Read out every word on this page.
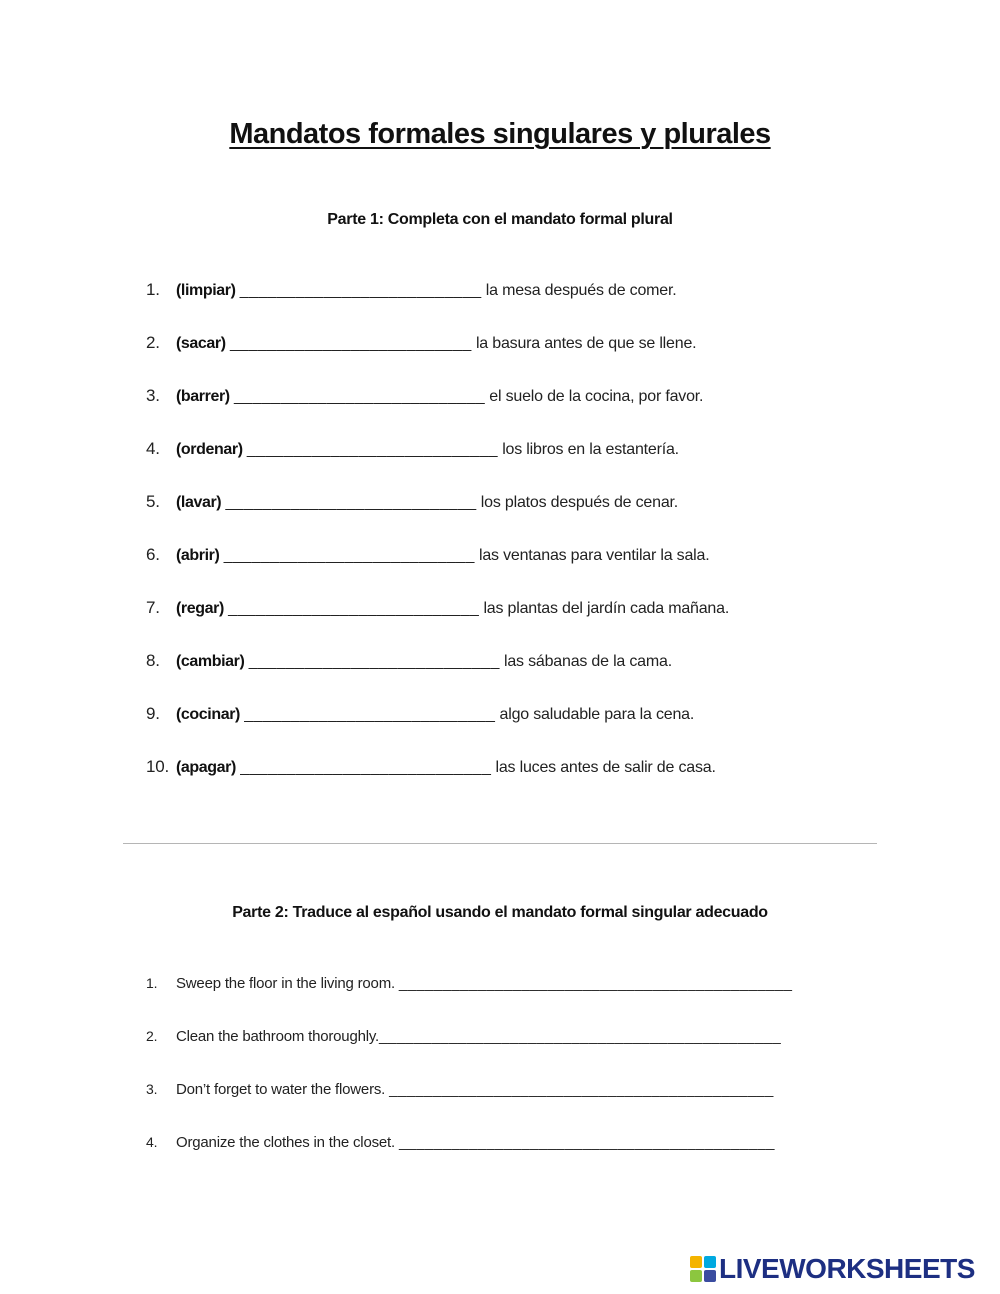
Mandatos formales singulares y plurales
Parte 1: Completa con el mandato formal plural
1. (limpiar) __________________________ la mesa después de comer.
2. (sacar) __________________________ la basura antes de que se llene.
3. (barrer) ___________________________ el suelo de la cocina, por favor.
4. (ordenar) ___________________________ los libros en la estantería.
5. (lavar) ___________________________ los platos después de cenar.
6. (abrir) ___________________________ las ventanas para ventilar la sala.
7. (regar) ___________________________ las plantas del jardín cada mañana.
8. (cambiar) ___________________________ las sábanas de la cama.
9. (cocinar) ___________________________ algo saludable para la cena.
10. (apagar) ___________________________ las luces antes de salir de casa.
Parte 2: Traduce al español usando el mandato formal singular adecuado
1. Sweep the floor in the living room. _____________________________________________
2. Clean the bathroom thoroughly.______________________________________________
3. Don’t forget to water the flowers. ____________________________________________
4. Organize the clothes in the closet. ___________________________________________
LIVEWORKSHEETS
